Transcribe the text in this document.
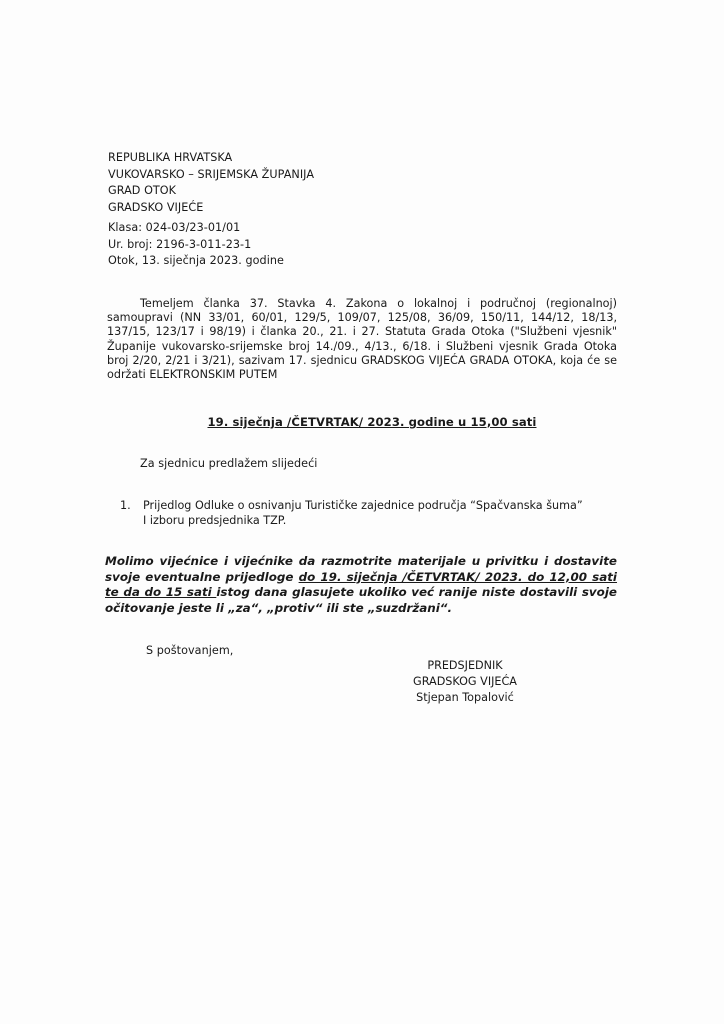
REPUBLIKA HRVATSKA
VUKOVARSKO – SRIJEMSKA ŽUPANIJA
GRAD OTOK
GRADSKO VIJEĆE
Klasa: 024-03/23-01/01
Ur. broj: 2196-3-011-23-1
Otok, 13. siječnja 2023. godine
Temeljem članka 37. Stavka 4. Zakona o lokalnoj i područnoj (regionalnoj) samoupravi (NN 33/01, 60/01, 129/5, 109/07, 125/08, 36/09, 150/11, 144/12, 18/13, 137/15, 123/17 i 98/19) i članka 20., 21. i 27. Statuta Grada Otoka ("Službeni vjesnik" Županije vukovarsko-srijemske broj 14./09., 4/13., 6/18. i Službeni vjesnik Grada Otoka broj 2/20, 2/21 i 3/21), sazivam 17. sjednicu GRADSKOG VIJEĆA GRADA OTOKA, koja će se održati ELEKTRONSKIM PUTEM
19. siječnja /ČETVRTAK/ 2023. godine u 15,00 sati
Za sjednicu predlažem slijedeći
1.	Prijedlog Odluke o osnivanju Turističke zajednice područja “Spačvanska šuma”
I izboru predsjednika TZP.
Molimo vijećnice i vijećnike da razmotrite materijale u privitku i dostavite svoje eventualne prijedloge do 19. siječnja /ČETVRTAK/ 2023. do 12,00 sati te da do 15 sati istog dana glasujete ukoliko već ranije niste dostavili svoje očitovanje jeste li „za“, „protiv“ ili ste „suzdržani“.
S poštovanjem,
PREDSJEDNIK
GRADSKOG VIJEĆA
Stjepan Topalović
